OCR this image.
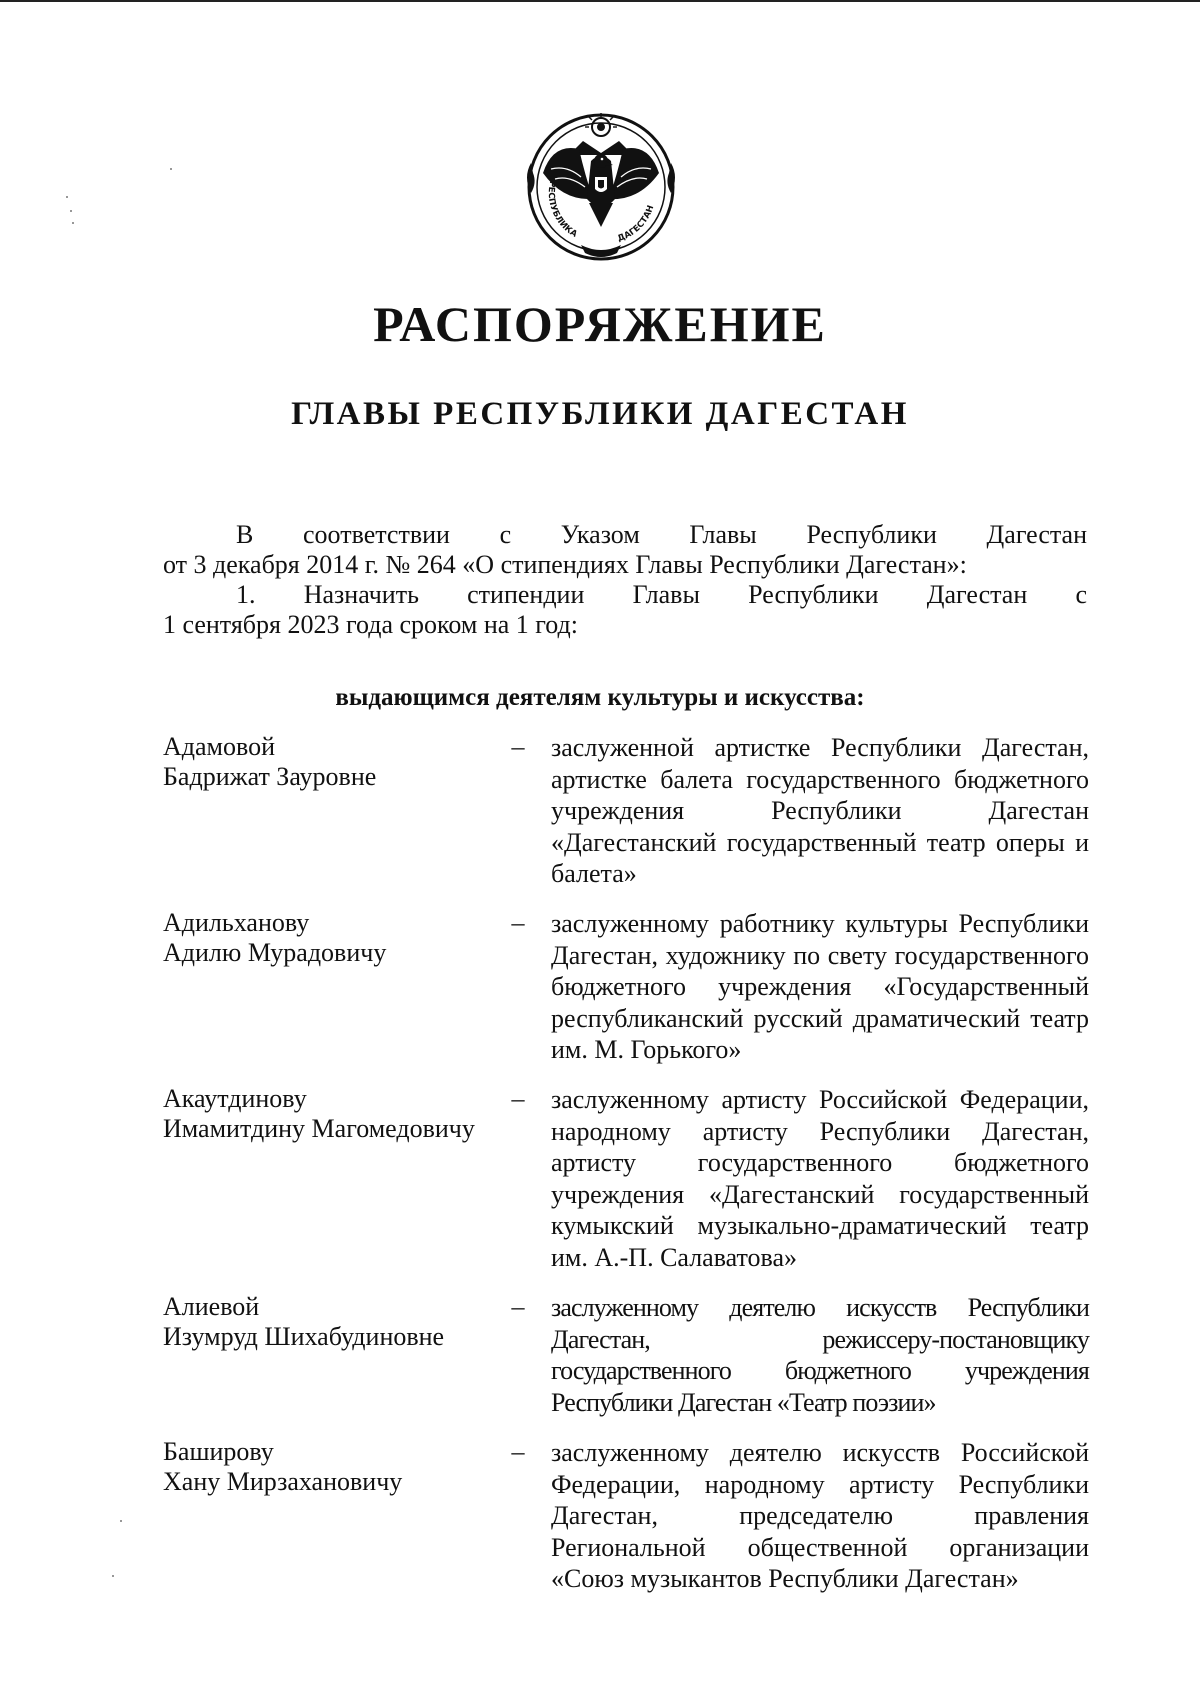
РЕСПУБЛИКА	ДАГЕСТАН
РАСПОРЯЖЕНИЕ
ГЛАВЫ РЕСПУБЛИКИ ДАГЕСТАН
В соответствии с Указом Главы Республики Дагестан
от 3 декабря 2014 г. № 264 «О стипендиях Главы Республики Дагестан»:
1. Назначить стипендии Главы Республики Дагестан с
1 сентября 2023 года сроком на 1 год:
выдающимся деятелям культуры и искусства:
Адамовой
Бадрижат Зауровне
–	заслуженной артистке Республики Дагестан, артистке балета государственного бюджетного учреждения Республики Дагестан «Дагестанский государственный театр оперы и балета»
Адильханову
Адилю Мурадовичу
–	заслуженному работнику культуры Республики Дагестан, художнику по свету государственного бюджетного учреждения «Государственный республиканский русский драматический театр им. М. Горького»
Акаутдинову
Имамитдину Магомедовичу
–	заслуженному артисту Российской Федерации, народному артисту Республики Дагестан, артисту государственного бюджетного учреждения «Дагестанский государственный кумыкский музыкально-драматический театр им. А.-П. Салаватова»
Алиевой
Изумруд Шихабудиновне
–	заслуженному деятелю искусств Республики Дагестан, режиссеру-постановщику государственного бюджетного учреждения Республики Дагестан «Театр поэзии»
Баширову
Хану Мирзахановичу
–	заслуженному деятелю искусств Российской Федерации, народному артисту Республики Дагестан, председателю правления Региональной общественной организации «Союз музыкантов Республики Дагестан»
